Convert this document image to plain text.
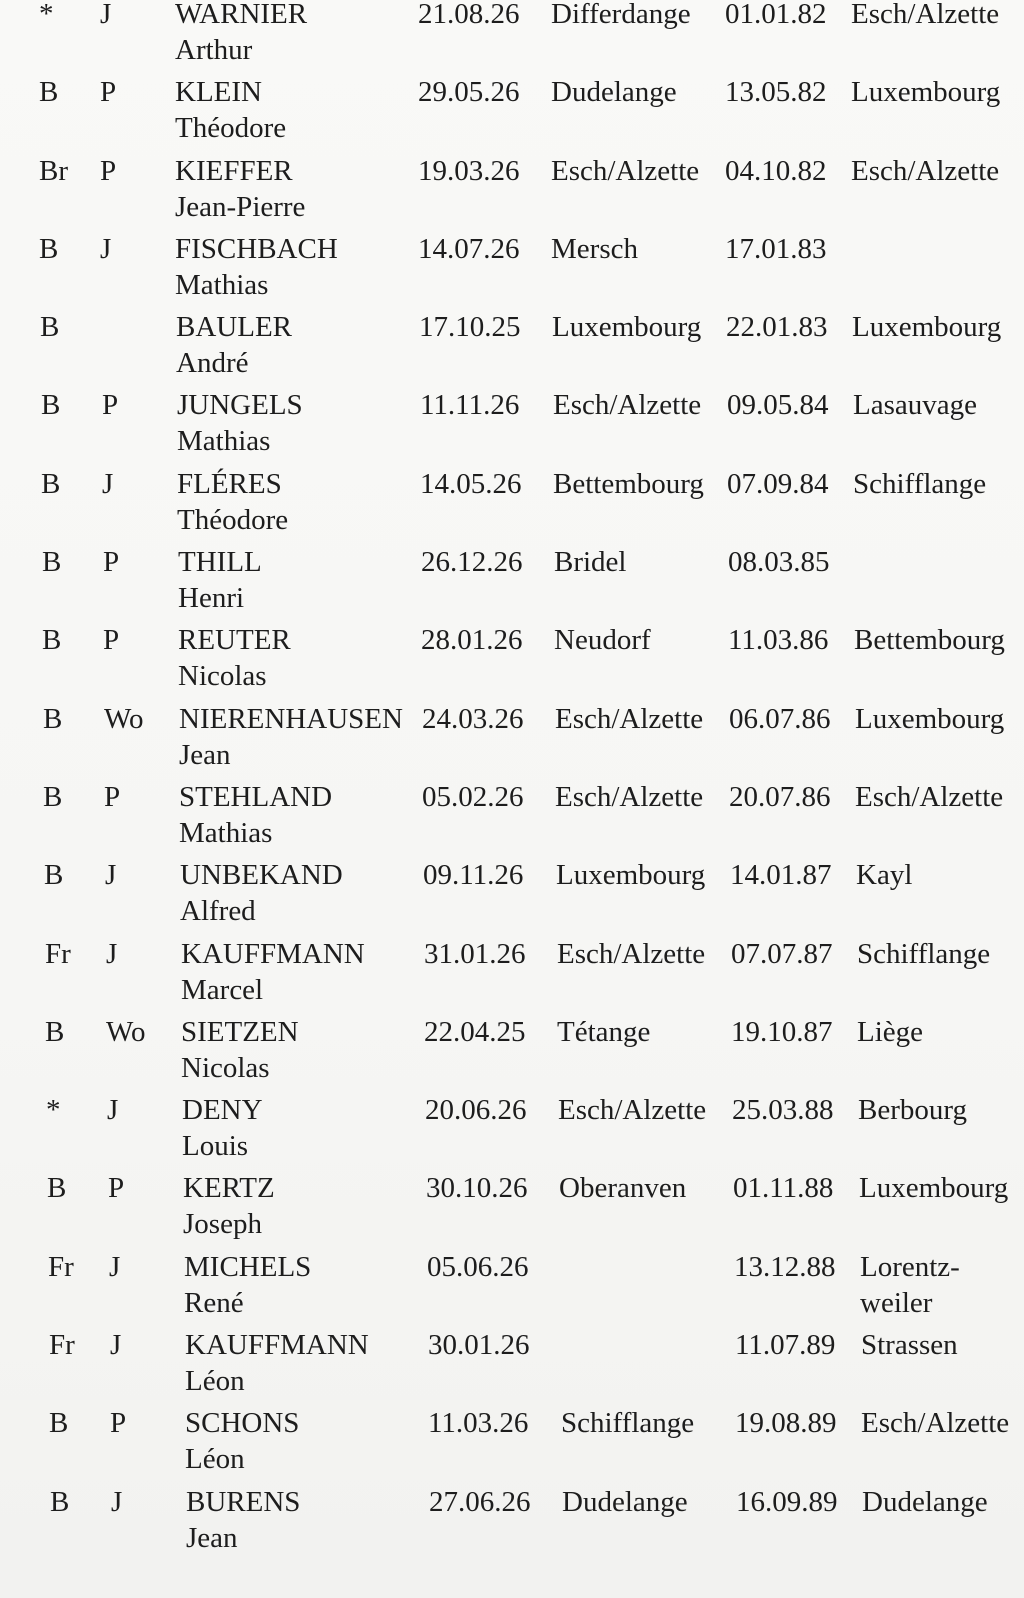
* J WARNIER
Arthur
21.08.26 Differdange 01.01.82 Esch/Alzette
B P KLEIN
Théodore
29.05.26 Dudelange 13.05.82 Luxembourg
Br P KIEFFER
Jean-Pierre
19.03.26 Esch/Alzette 04.10.82 Esch/Alzette
B J FISCHBACH
Mathias
14.07.26 Mersch	17.01.83
B	BAULER
André
17.10.25 Luxembourg 22.01.83 Luxembourg
B P JUNGELS
Mathias
11.11.26 Esch/Alzette 09.05.84 Lasauvage
B J FLÉRES
Théodore
14.05.26 Bettembourg 07.09.84 Schifflange
B P THILL
Henri
26.12.26 Bridel	08.03.85
B P REUTER
Nicolas
28.01.26 Neudorf	11.03.86 Bettembourg
B Wo NIERENHAUSEN
Jean
24.03.26 Esch/Alzette 06.07.86 Luxembourg
B P STEHLAND
Mathias
05.02.26 Esch/Alzette 20.07.86 Esch/Alzette
B J UNBEKAND
Alfred
09.11.26 Luxembourg 14.01.87 Kayl
Fr J KAUFFMANN
Marcel
31.01.26 Esch/Alzette 07.07.87 Schifflange
B Wo SIETZEN
Nicolas
22.04.25 Tétange	19.10.87 Liège
* J DENY
Louis
20.06.26 Esch/Alzette 25.03.88 Berbourg
B P KERTZ
Joseph
30.10.26 Oberanven 01.11.88 Luxembourg
Fr J MICHELS
René
05.06.26	13.12.88 Lorentz-weiler
Fr J KAUFFMANN
Léon
30.01.26	11.07.89 Strassen
B P SCHONS
Léon
11.03.26 Schifflange 19.08.89 Esch/Alzette
B J BURENS
Jean
27.06.26 Dudelange 16.09.89 Dudelange
